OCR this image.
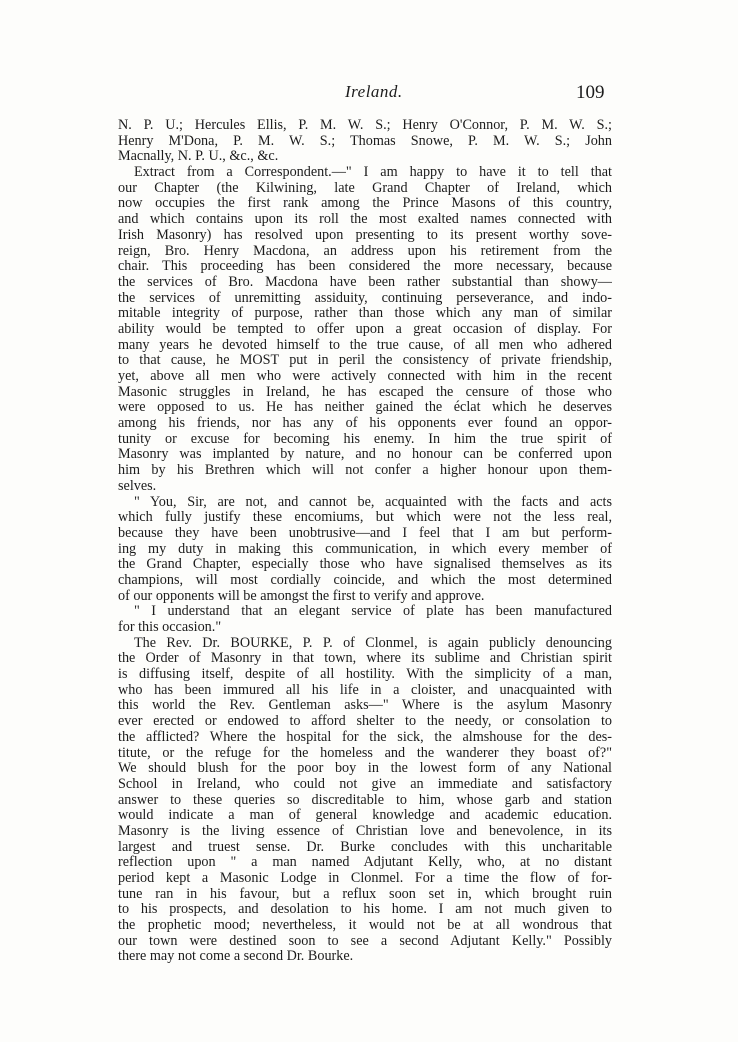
Ireland.	109
N. P. U.; Hercules Ellis, P. M. W. S.; Henry O'Connor, P. M. W. S.;
Henry M'Dona, P. M. W. S.; Thomas Snowe, P. M. W. S.; John
Macnally, N. P. U., &c., &c.
Extract from a Correspondent.—" I am happy to have it to tell that
our Chapter (the Kilwining, late Grand Chapter of Ireland, which
now occupies the first rank among the Prince Masons of this country,
and which contains upon its roll the most exalted names connected with
Irish Masonry) has resolved upon presenting to its present worthy sove-
reign, Bro. Henry Macdona, an address upon his retirement from the
chair. This proceeding has been considered the more necessary, because
the services of Bro. Macdona have been rather substantial than showy—
the services of unremitting assiduity, continuing perseverance, and indo-
mitable integrity of purpose, rather than those which any man of similar
ability would be tempted to offer upon a great occasion of display. For
many years he devoted himself to the true cause, of all men who adhered
to that cause, he MOST put in peril the consistency of private friendship,
yet, above all men who were actively connected with him in the recent
Masonic struggles in Ireland, he has escaped the censure of those who
were opposed to us. He has neither gained the éclat which he deserves
among his friends, nor has any of his opponents ever found an oppor-
tunity or excuse for becoming his enemy. In him the true spirit of
Masonry was implanted by nature, and no honour can be conferred upon
him by his Brethren which will not confer a higher honour upon them-
selves.
" You, Sir, are not, and cannot be, acquainted with the facts and acts
which fully justify these encomiums, but which were not the less real,
because they have been unobtrusive—and I feel that I am but perform-
ing my duty in making this communication, in which every member of
the Grand Chapter, especially those who have signalised themselves as its
champions, will most cordially coincide, and which the most determined
of our opponents will be amongst the first to verify and approve.
" I understand that an elegant service of plate has been manufactured
for this occasion."
The Rev. Dr. BOURKE, P. P. of Clonmel, is again publicly denouncing
the Order of Masonry in that town, where its sublime and Christian spirit
is diffusing itself, despite of all hostility. With the simplicity of a man,
who has been immured all his life in a cloister, and unacquainted with
this world the Rev. Gentleman asks—" Where is the asylum Masonry
ever erected or endowed to afford shelter to the needy, or consolation to
the afflicted? Where the hospital for the sick, the almshouse for the des-
titute, or the refuge for the homeless and the wanderer they boast of?"
We should blush for the poor boy in the lowest form of any National
School in Ireland, who could not give an immediate and satisfactory
answer to these queries so discreditable to him, whose garb and station
would indicate a man of general knowledge and academic education.
Masonry is the living essence of Christian love and benevolence, in its
largest and truest sense. Dr. Burke concludes with this uncharitable
reflection upon " a man named Adjutant Kelly, who, at no distant
period kept a Masonic Lodge in Clonmel. For a time the flow of for-
tune ran in his favour, but a reflux soon set in, which brought ruin
to his prospects, and desolation to his home. I am not much given to
the prophetic mood; nevertheless, it would not be at all wondrous that
our town were destined soon to see a second Adjutant Kelly." Possibly
there may not come a second Dr. Bourke.
